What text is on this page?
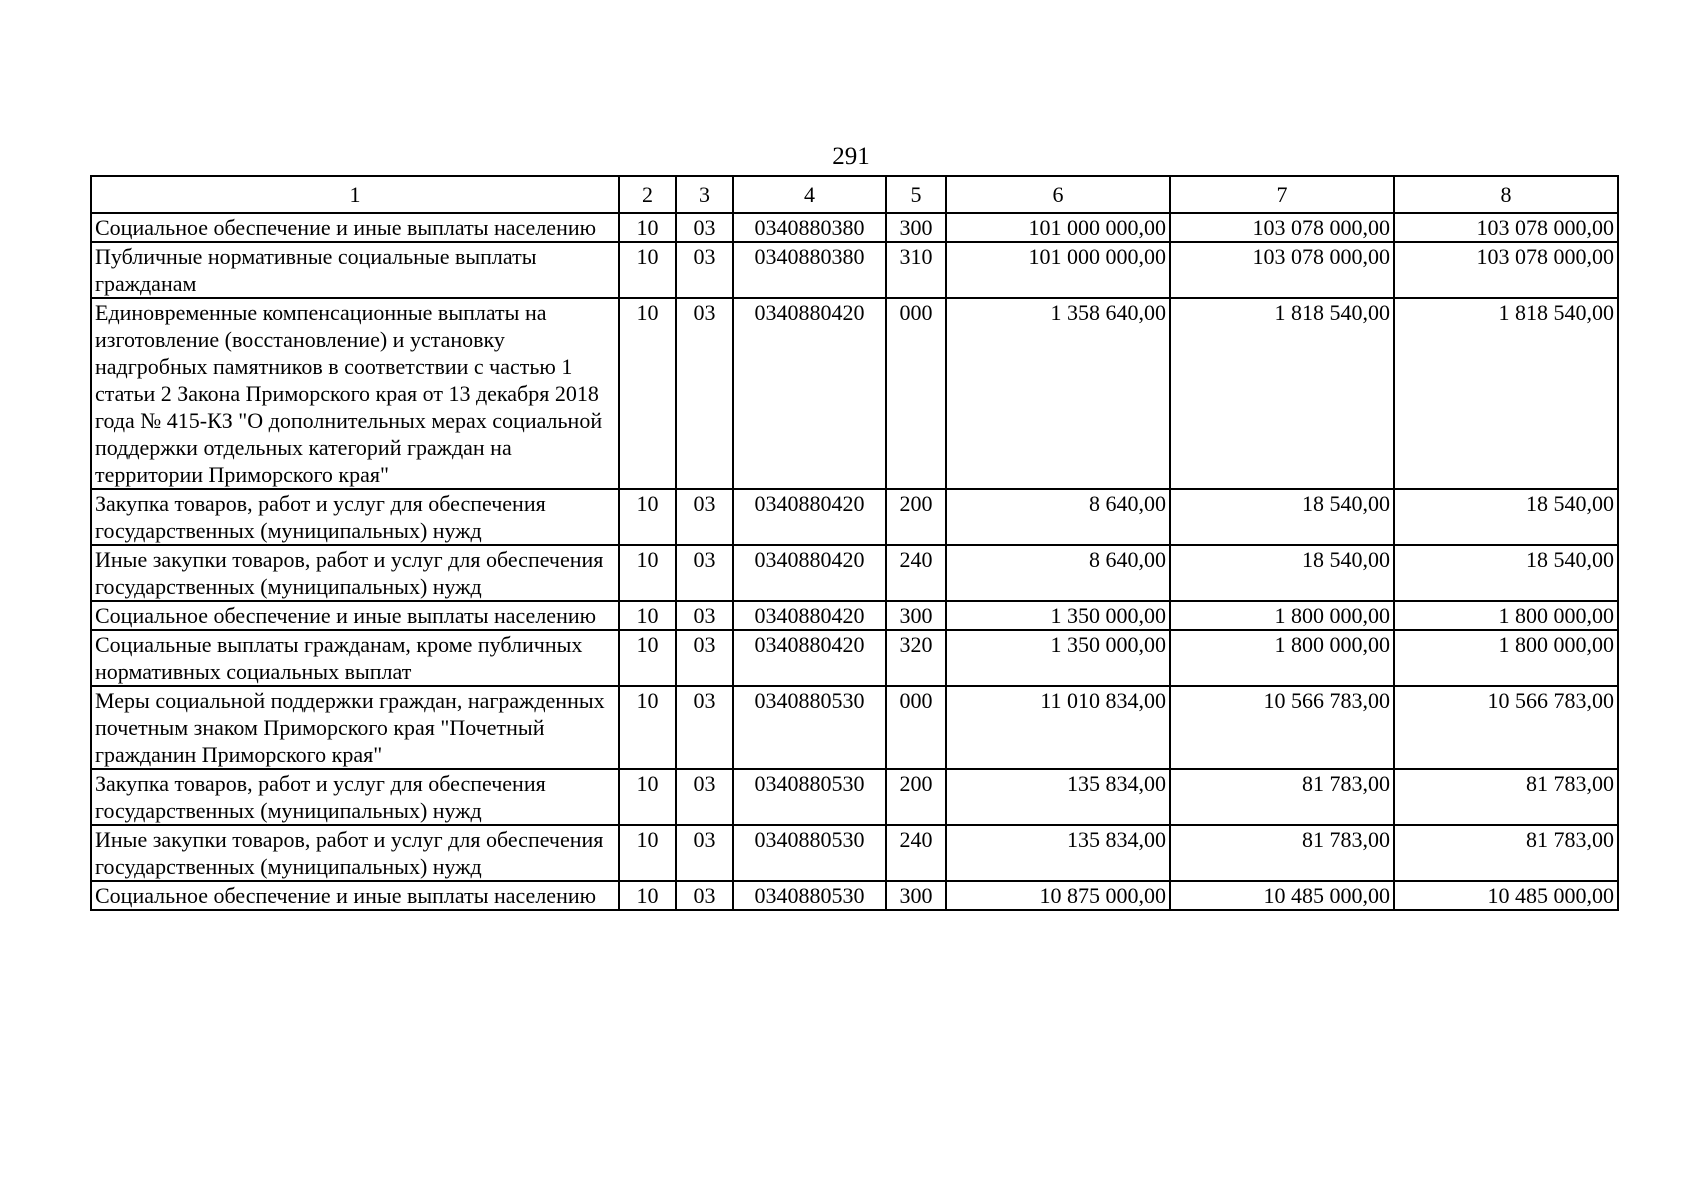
291
1	2	3	4	5	6	7	8
Социальное обеспечение и иные выплаты населению	10	03	0340880380	300	101 000 000,00	103 078 000,00	103 078 000,00
Публичные нормативные социальные выплаты гражданам	10	03	0340880380	310	101 000 000,00	103 078 000,00	103 078 000,00
Единовременные компенсационные выплаты на изготовление (восстановление) и установку надгробных памятников в соответствии с частью 1 статьи 2 Закона Приморского края от 13 декабря 2018 года № 415-КЗ "О дополнительных мерах социальной поддержки отдельных категорий граждан на территории Приморского края"	10	03	0340880420	000	1 358 640,00	1 818 540,00	1 818 540,00
Закупка товаров, работ и услуг для обеспечения государственных (муниципальных) нужд	10	03	0340880420	200	8 640,00	18 540,00	18 540,00
Иные закупки товаров, работ и услуг для обеспечения государственных (муниципальных) нужд	10	03	0340880420	240	8 640,00	18 540,00	18 540,00
Социальное обеспечение и иные выплаты населению	10	03	0340880420	300	1 350 000,00	1 800 000,00	1 800 000,00
Социальные выплаты гражданам, кроме публичных нормативных социальных выплат	10	03	0340880420	320	1 350 000,00	1 800 000,00	1 800 000,00
Меры социальной поддержки граждан, награжденных почетным знаком Приморского края "Почетный гражданин Приморского края"	10	03	0340880530	000	11 010 834,00	10 566 783,00	10 566 783,00
Закупка товаров, работ и услуг для обеспечения государственных (муниципальных) нужд	10	03	0340880530	200	135 834,00	81 783,00	81 783,00
Иные закупки товаров, работ и услуг для обеспечения государственных (муниципальных) нужд	10	03	0340880530	240	135 834,00	81 783,00	81 783,00
Социальное обеспечение и иные выплаты населению	10	03	0340880530	300	10 875 000,00	10 485 000,00	10 485 000,00
